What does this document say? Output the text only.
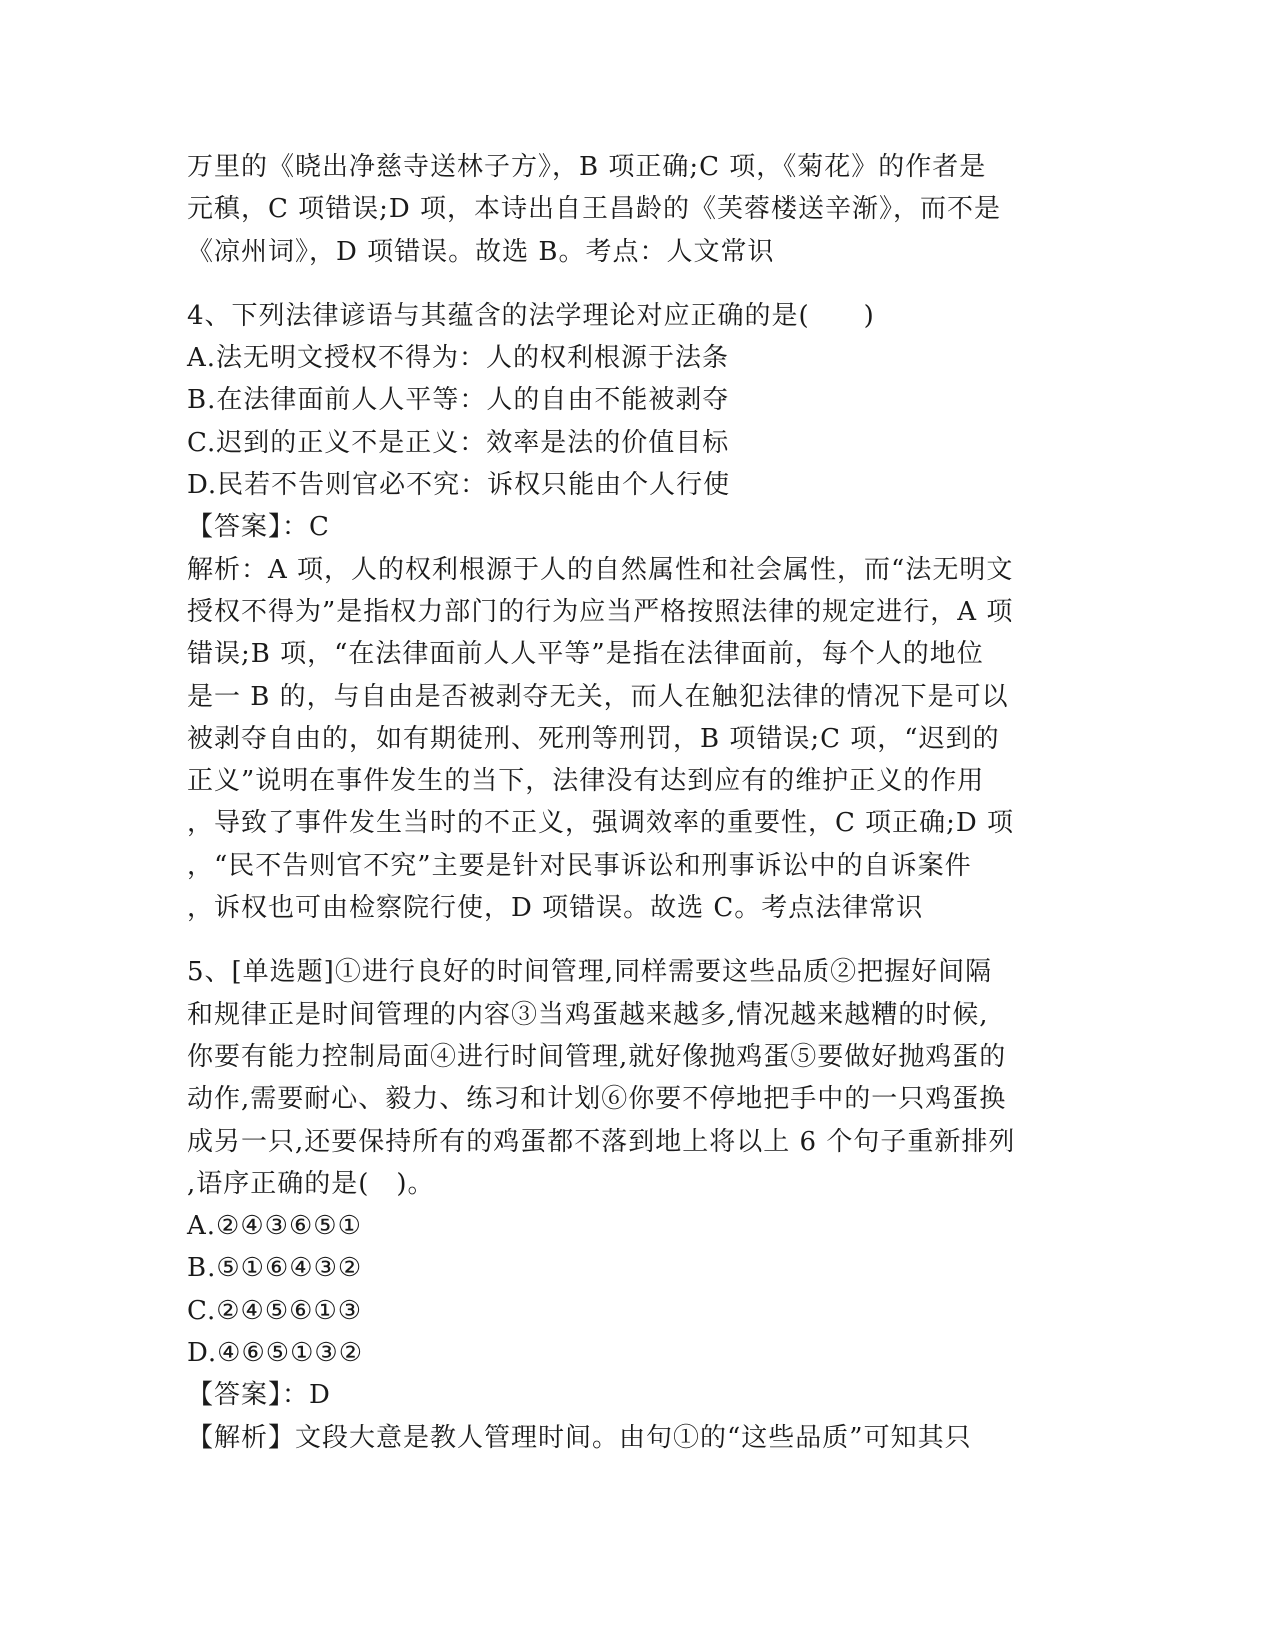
万里的《晓出净慈寺送林子方》，B 项正确;C 项，《菊花》的作者是
元稹，C 项错误;D 项，本诗出自王昌龄的《芙蓉楼送辛渐》，而不是
《凉州词》，D 项错误。故选 B。考点：人文常识
4、下列法律谚语与其蕴含的法学理论对应正确的是(　　)
A.法无明文授权不得为：人的权利根源于法条
B.在法律面前人人平等：人的自由不能被剥夺
C.迟到的正义不是正义：效率是法的价值目标
D.民若不告则官必不究：诉权只能由个人行使
【答案】：C
解析：A 项，人的权利根源于人的自然属性和社会属性，而“法无明文
授权不得为”是指权力部门的行为应当严格按照法律的规定进行，A 项
错误;B 项，“在法律面前人人平等”是指在法律面前，每个人的地位
是一 B 的，与自由是否被剥夺无关，而人在触犯法律的情况下是可以
被剥夺自由的，如有期徒刑、死刑等刑罚，B 项错误;C 项，“迟到的
正义”说明在事件发生的当下，法律没有达到应有的维护正义的作用
，导致了事件发生当时的不正义，强调效率的重要性，C 项正确;D 项
，“民不告则官不究”主要是针对民事诉讼和刑事诉讼中的自诉案件
，诉权也可由检察院行使，D 项错误。故选 C。考点法律常识
5、[单选题]①进行良好的时间管理,同样需要这些品质②把握好间隔
和规律正是时间管理的内容③当鸡蛋越来越多,情况越来越糟的时候,
你要有能力控制局面④进行时间管理,就好像抛鸡蛋⑤要做好抛鸡蛋的
动作,需要耐心、毅力、练习和计划⑥你要不停地把手中的一只鸡蛋换
成另一只,还要保持所有的鸡蛋都不落到地上将以上 6 个句子重新排列
,语序正确的是(　)。
A.②④③⑥⑤①
B.⑤①⑥④③②
C.②④⑤⑥①③
D.④⑥⑤①③②
【答案】：D
【解析】文段大意是教人管理时间。由句①的“这些品质”可知其只
